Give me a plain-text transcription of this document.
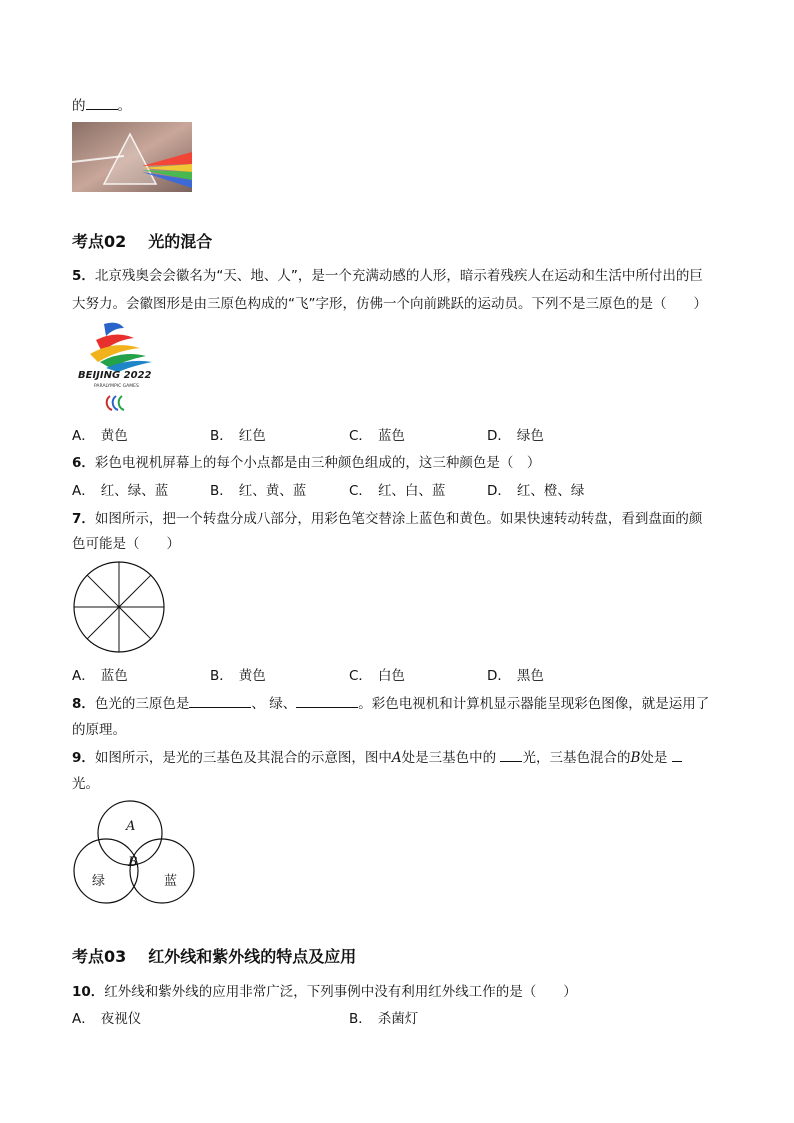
的 。
考点02 光的混合
5．北京残奥会会徽名为“天、地、人”，是一个充满动感的人形，暗示着残疾人在运动和生活中所付出的巨
大努力。会徽图形是由三原色构成的“飞”字形，仿佛一个向前跳跃的运动员。下列不是三原色的是（　　）
BEIJING 2022
PARALYMPIC GAMES
A． 黄色	B． 红色	C． 蓝色	D． 绿色
6．彩色电视机屏幕上的每个小点都是由三种颜色组成的，这三种颜色是（　）
A． 红、绿、蓝	B． 红、黄、蓝	C． 红、白、蓝	D． 红、橙、绿
7．如图所示，把一个转盘分成八部分，用彩色笔交替涂上蓝色和黄色。如果快速转动转盘，看到盘面的颜
色可能是（　　）
A． 蓝色	B． 黄色	C． 白色	D． 黑色
8．色光的三原色是	、 绿、	。彩色电视机和计算机显示器能呈现彩色图像，就是运用了
的原理。
9．如图所示，是光的三基色及其混合的示意图，图中A处是三基色中的 光，三基色混合的B处是
光。
A
B
绿	蓝
考点03 红外线和紫外线的特点及应用
10．红外线和紫外线的应用非常广泛，下列事例中没有利用红外线工作的是（　　）
A． 夜视仪	B． 杀菌灯
